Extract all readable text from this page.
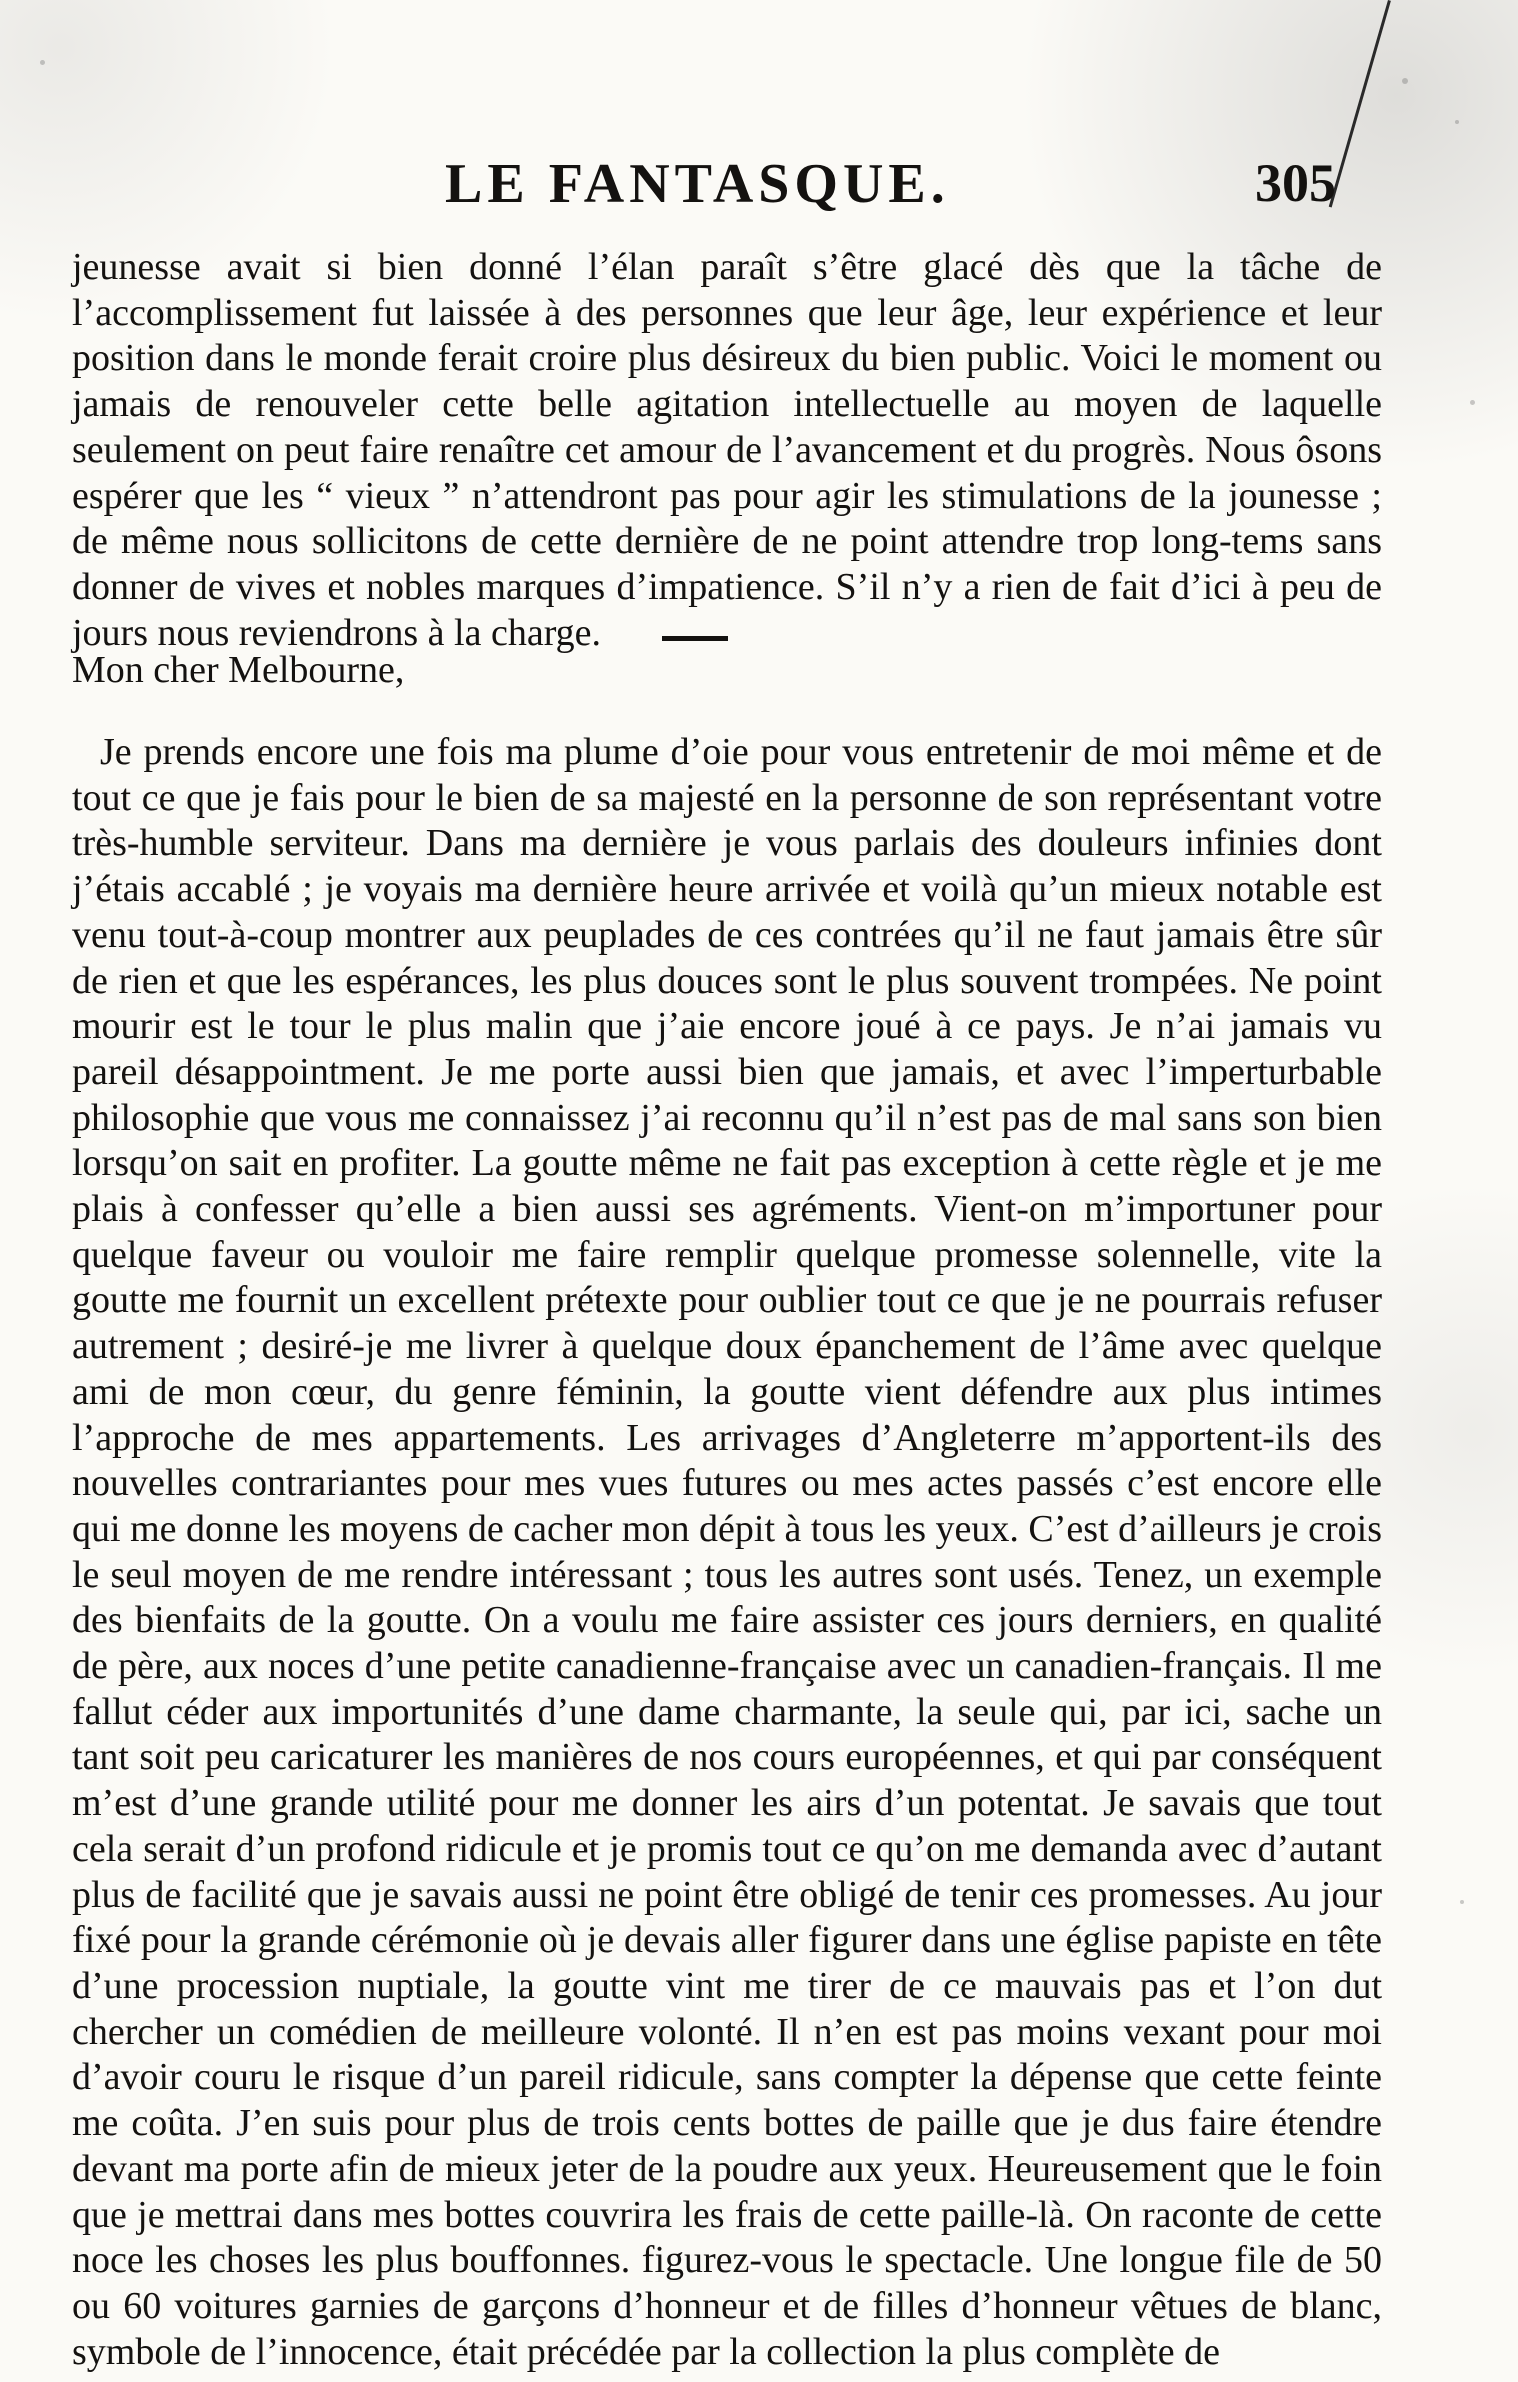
LE FANTASQUE.	305

jeunesse avait si bien donné l’élan paraît s’être glacé dès que la tâche de l’accomplissement fut laissée à des personnes que leur âge, leur expérience et leur position dans le monde ferait croire plus désireux du bien public. Voici le moment ou jamais de renouveler cette belle agitation intellectuelle au moyen de laquelle seulement on peut faire renaître cet amour de l’avancement et du progrès. Nous ôsons espérer que les “ vieux ” n’attendront pas pour agir les stimulations de la jounesse ; de même nous sollicitons de cette dernière de ne point attendre trop long-tems sans donner de vives et nobles marques d’impatience. S’il n’y a rien de fait d’ici à peu de jours nous reviendrons à la charge.

Mon cher Melbourne,

Je prends encore une fois ma plume d’oie pour vous entretenir de moi même et de tout ce que je fais pour le bien de sa majesté en la personne de son représentant votre très-humble serviteur. Dans ma dernière je vous parlais des douleurs infinies dont j’étais accablé ; je voyais ma dernière heure arrivée et voilà qu’un mieux notable est venu tout-à-coup montrer aux peuplades de ces contrées qu’il ne faut jamais être sûr de rien et que les espérances, les plus douces sont le plus souvent trompées. Ne point mourir est le tour le plus malin que j’aie encore joué à ce pays. Je n’ai jamais vu pareil désappointment. Je me porte aussi bien que jamais, et avec l’imperturbable philosophie que vous me connaissez j’ai reconnu qu’il n’est pas de mal sans son bien lorsqu’on sait en profiter. La goutte même ne fait pas exception à cette règle et je me plais à confesser qu’elle a bien aussi ses agréments. Vient-on m’importuner pour quelque faveur ou vouloir me faire remplir quelque promesse solennelle, vite la goutte me fournit un excellent prétexte pour oublier tout ce que je ne pourrais refuser autrement ; desiré-je me livrer à quelque doux épanchement de l’âme avec quelque ami de mon cœur, du genre féminin, la goutte vient défendre aux plus intimes l’approche de mes appartements. Les arrivages d’Angleterre m’apportent-ils des nouvelles contrariantes pour mes vues futures ou mes actes passés c’est encore elle qui me donne les moyens de cacher mon dépit à tous les yeux. C’est d’ailleurs je crois le seul moyen de me rendre intéressant ; tous les autres sont usés. Tenez, un exemple des bienfaits de la goutte. On a voulu me faire assister ces jours derniers, en qualité de père, aux noces d’une petite canadienne-française avec un canadien-français. Il me fallut céder aux importunités d’une dame charmante, la seule qui, par ici, sache un tant soit peu caricaturer les manières de nos cours européennes, et qui par conséquent m’est d’une grande utilité pour me donner les airs d’un potentat. Je savais que tout cela serait d’un profond ridicule et je promis tout ce qu’on me demanda avec d’autant plus de facilité que je savais aussi ne point être obligé de tenir ces promesses. Au jour fixé pour la grande cérémonie où je devais aller figurer dans une église papiste en tête d’une procession nuptiale, la goutte vint me tirer de ce mauvais pas et l’on dut chercher un comédien de meilleure volonté. Il n’en est pas moins vexant pour moi d’avoir couru le risque d’un pareil ridicule, sans compter la dépense que cette feinte me coûta. J’en suis pour plus de trois cents bottes de paille que je dus faire étendre devant ma porte afin de mieux jeter de la poudre aux yeux. Heureusement que le foin que je mettrai dans mes bottes couvrira les frais de cette paille-là. On raconte de cette noce les choses les plus bouffonnes. figurez-vous le spectacle. Une longue file de 50 ou 60 voitures garnies de garçons d’honneur et de filles d’honneur vêtues de blanc, symbole de l’innocence, était précédée par la collection la plus complète de
